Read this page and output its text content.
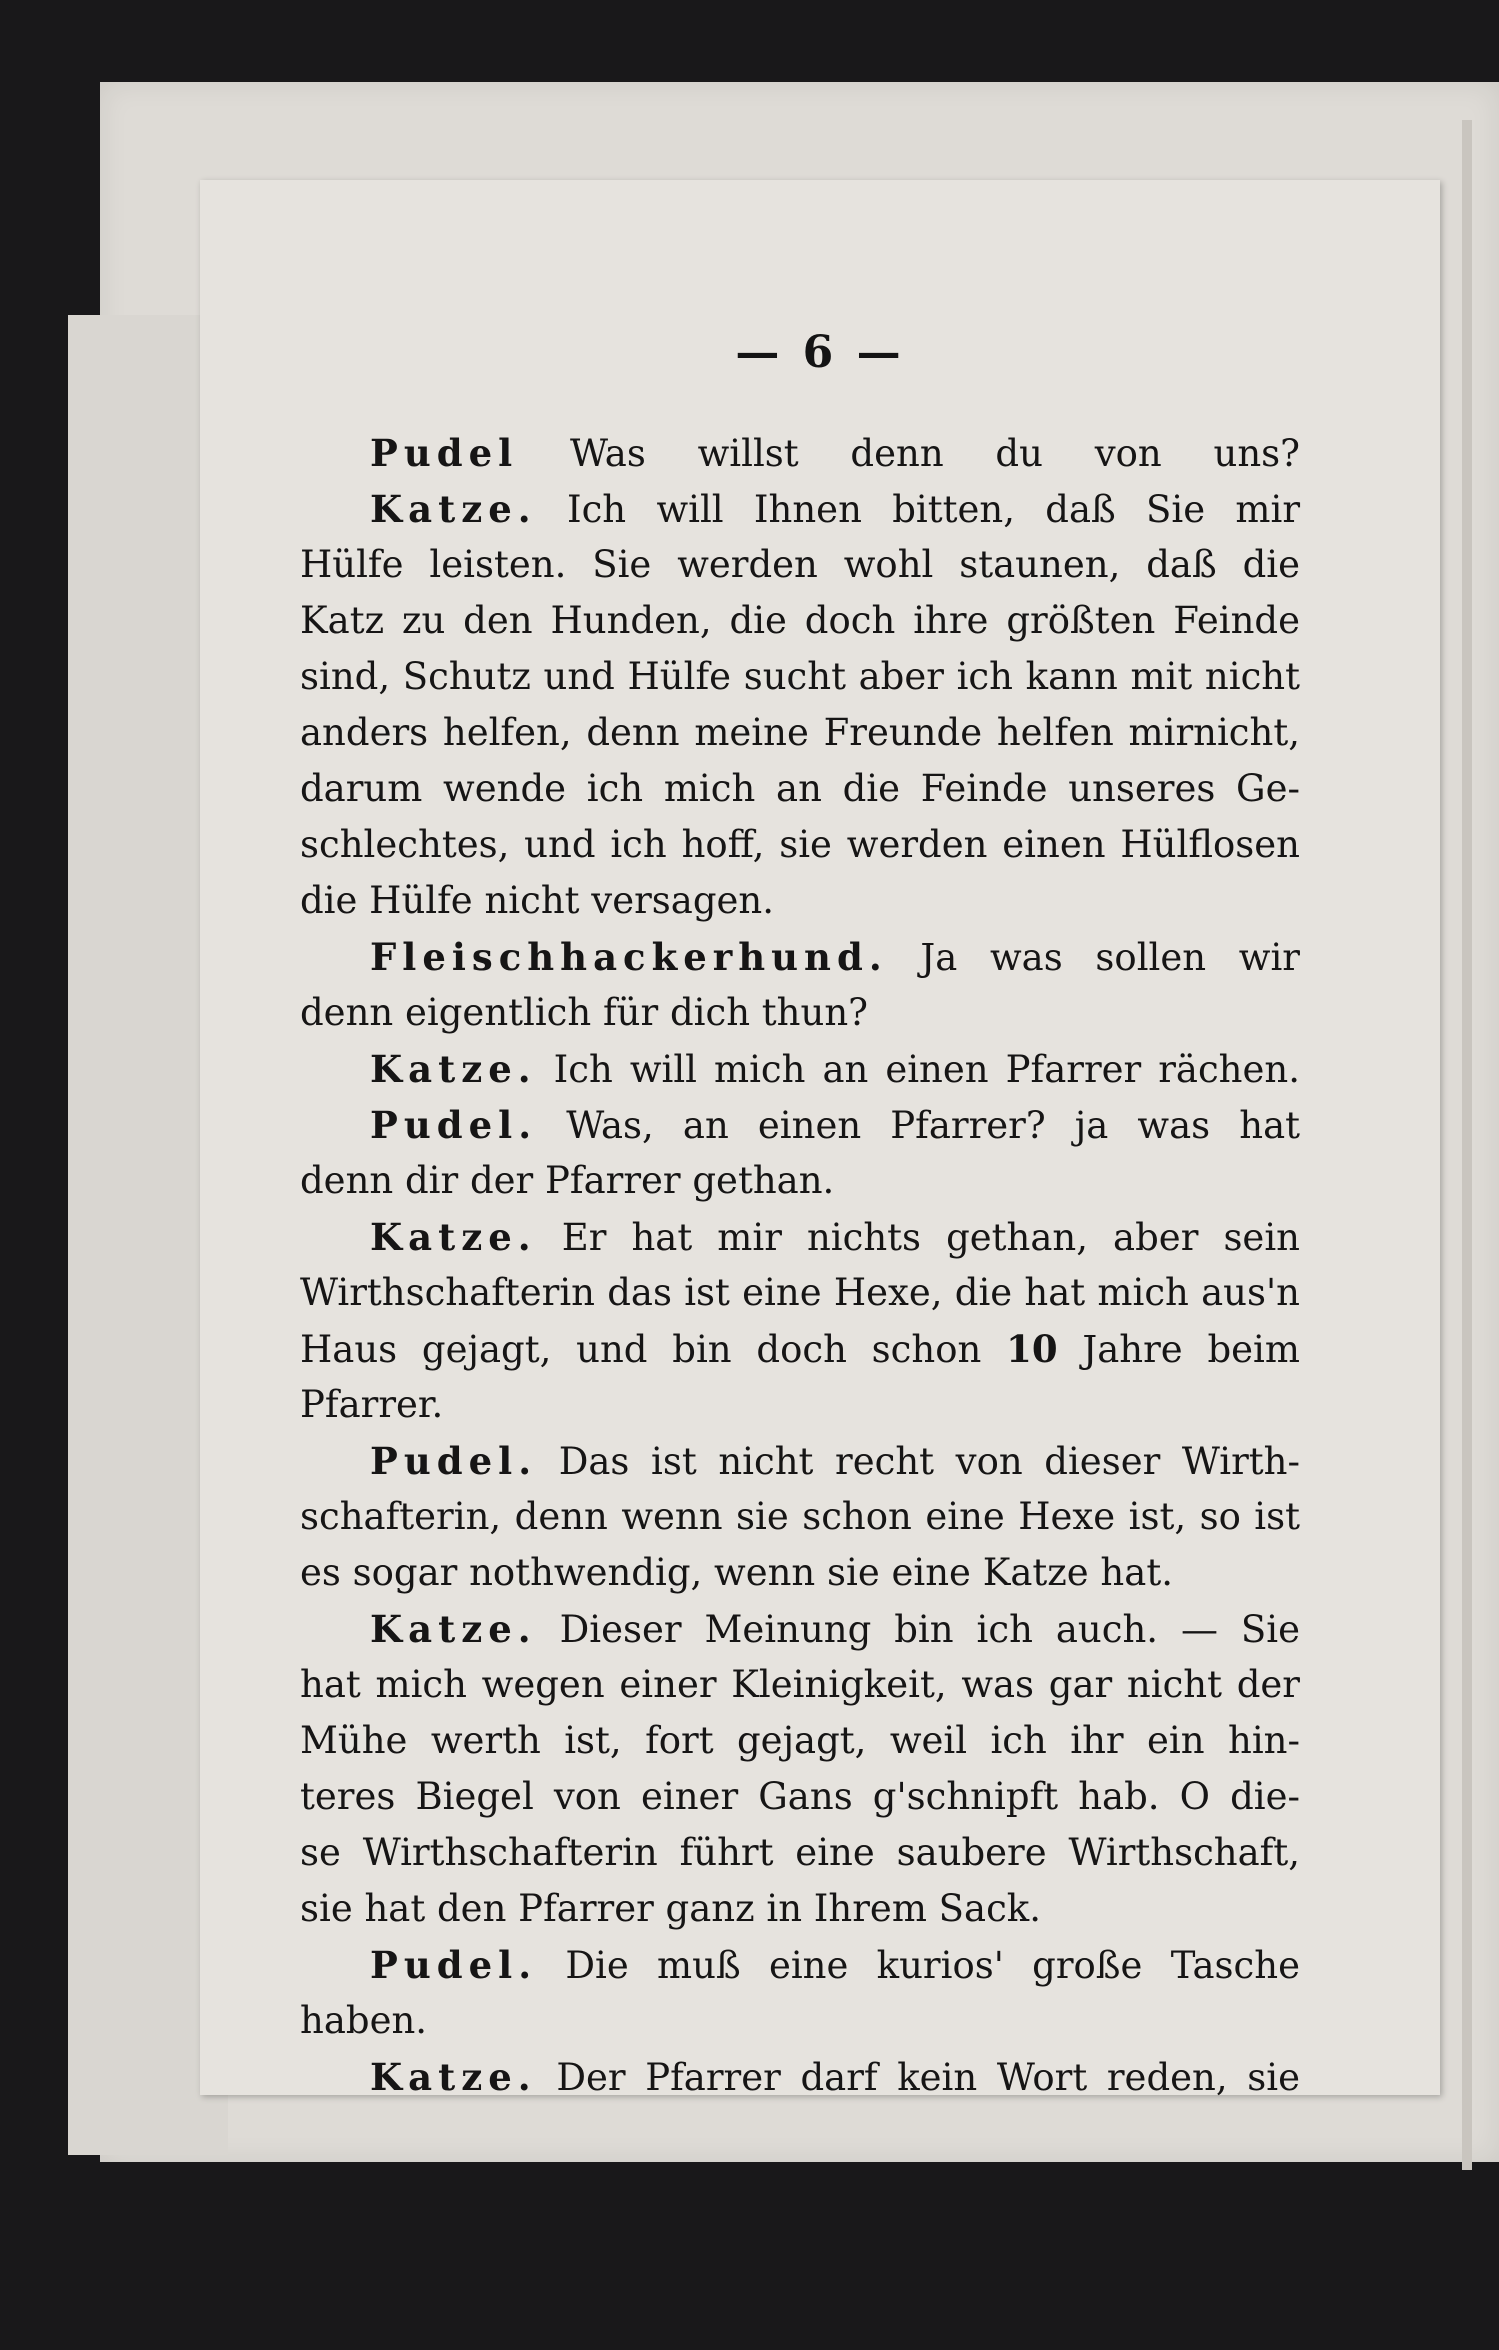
— 6 —
Pudel Was willst denn du von uns?
Katze. Ich will Ihnen bitten, daß Sie mir
Hülfe leisten. Sie werden wohl staunen, daß die
Katz zu den Hunden, die doch ihre größten Feinde
sind, Schutz und Hülfe sucht aber ich kann mit nicht
anders helfen, denn meine Freunde helfen mirnicht,
darum wende ich mich an die Feinde unseres Ge-
schlechtes, und ich hoff, sie werden einen Hülflosen
die Hülfe nicht versagen.
Fleischhackerhund. Ja was sollen wir
denn eigentlich für dich thun?
Katze. Ich will mich an einen Pfarrer rächen.
Pudel. Was, an einen Pfarrer? ja was hat
denn dir der Pfarrer gethan.
Katze. Er hat mir nichts gethan, aber sein
Wirthschafterin das ist eine Hexe, die hat mich aus'n
Haus gejagt, und bin doch schon 10 Jahre beim
Pfarrer.
Pudel. Das ist nicht recht von dieser Wirth-
schafterin, denn wenn sie schon eine Hexe ist, so ist
es sogar nothwendig, wenn sie eine Katze hat.
Katze. Dieser Meinung bin ich auch. — Sie
hat mich wegen einer Kleinigkeit, was gar nicht der
Mühe werth ist, fort gejagt, weil ich ihr ein hin-
teres Biegel von einer Gans g'schnipft hab. O die-
se Wirthschafterin führt eine saubere Wirthschaft,
sie hat den Pfarrer ganz in Ihrem Sack.
Pudel. Die muß eine kurios' große Tasche
haben.
Katze. Der Pfarrer darf kein Wort reden, sie
